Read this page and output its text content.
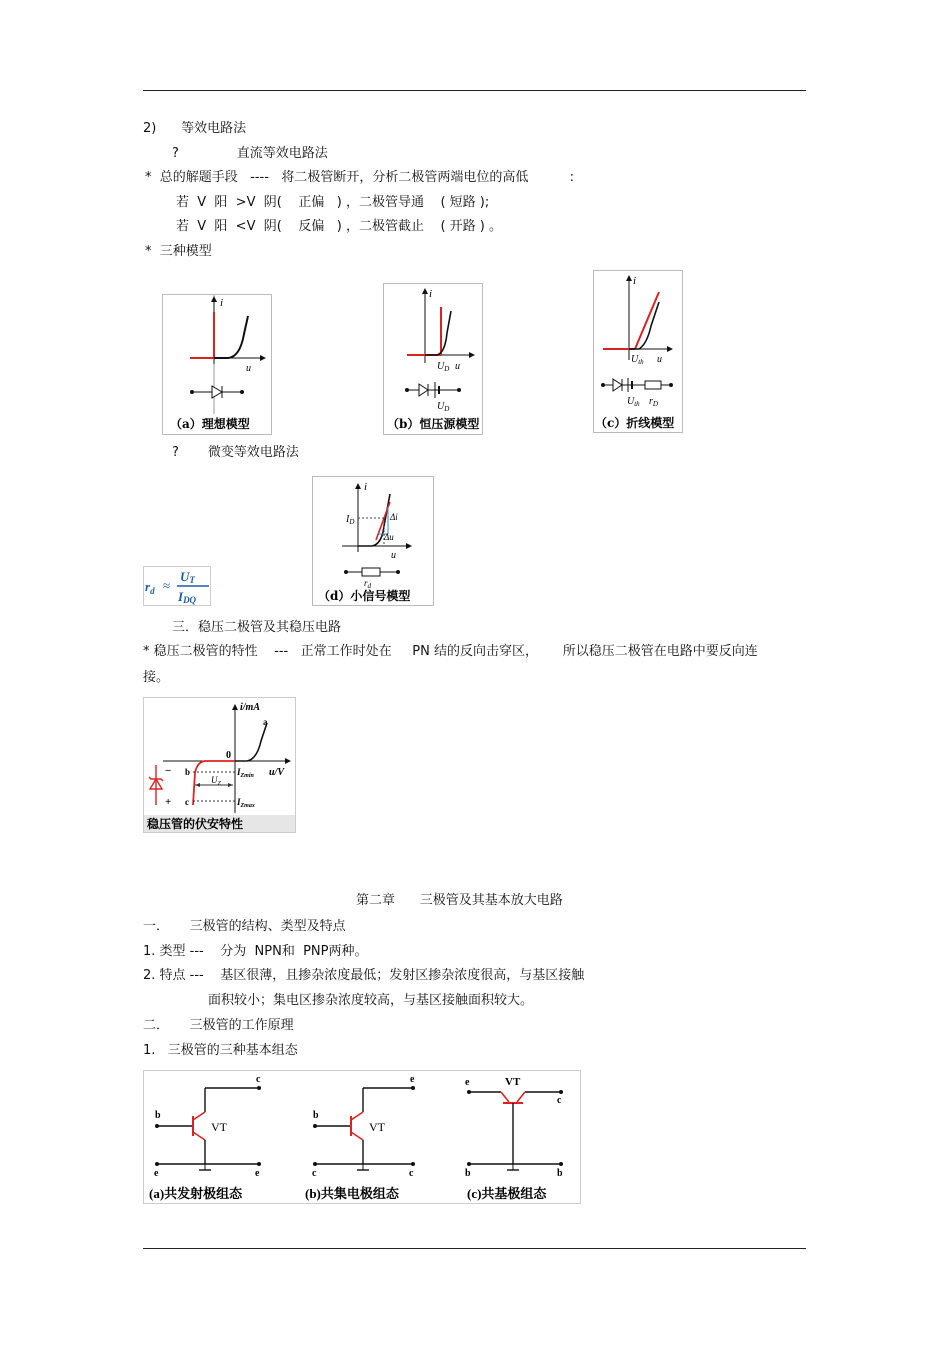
2)      等效电路法
?              直流等效电路法
*  总的解题手段   ----   将二极管断开，分析二极管两端电位的高低          :
若  V  阳  >V  阴(    正偏   ) ，二极管导通    ( 短路 );
若  V  阳  <V  阴(    反偏   ) ，二极管截止    ( 开路 ) 。
*  三种模型
i
u
（a）理想模型
i
$U_D$ u
$U_D$
（b）恒压源模型
i
$U_{th}$ u
$U_{th}$ $r_D$
（c）折线模型
?       微变等效电路法
$r_d$ ≈
UT
IDQ
i
u
$I_D$	Δi
Δu
$r_d$
（d）小信号模型
三．稳压二极管及其稳压电路
* 稳压二极管的特性    ---   正常工作时处在     PN 结的反向击穿区，      所以稳压二极管在电路中要反向连
接。
i/mA
a
0
u/V
− b
+ c
$U_Z$
$I_{Zmin}$
$I_{Zmax}$
稳压管的伏安特性
第二章      三极管及其基本放大电路
一．     三极管的结构、类型及特点
1. 类型 ---    分为  NPN和  PNP两种。
2. 特点 ---    基区很薄，且掺杂浓度最低；发射区掺杂浓度很高，与基区接触
面积较小；集电区掺杂浓度较高，与基区接触面积较大。
二．     三极管的工作原理
1.   三极管的三种基本组态
VT
b
c
e	e
(a)共发射极组态
VT
b
e
c	c
(b)共集电极组态
VT
e
c
b	b
(c)共基极组态
